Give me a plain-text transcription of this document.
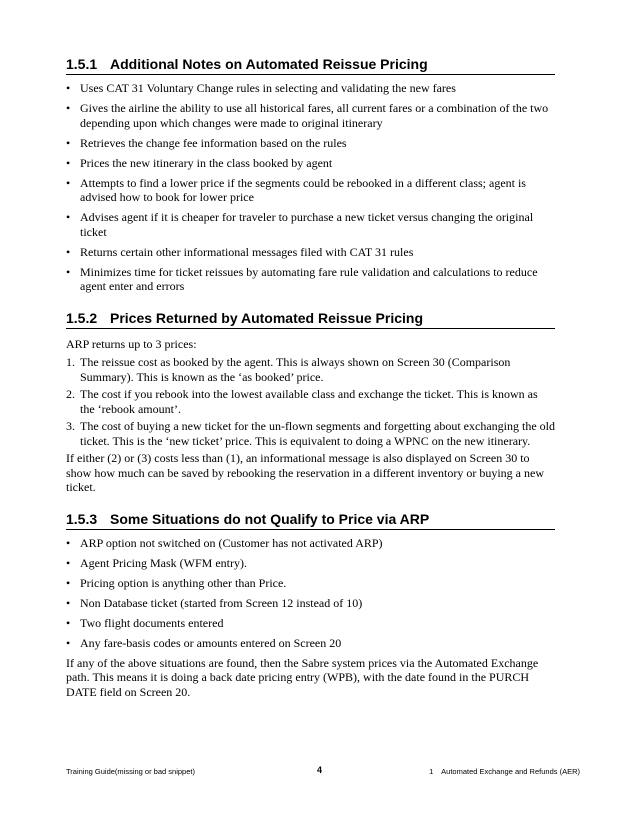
1.5.1 Additional Notes on Automated Reissue Pricing
• Uses CAT 31 Voluntary Change rules in selecting and validating the new fares
• Gives the airline the ability to use all historical fares, all current fares or a combination of the two depending upon which changes were made to original itinerary
• Retrieves the change fee information based on the rules
• Prices the new itinerary in the class booked by agent
• Attempts to find a lower price if the segments could be rebooked in a different class; agent is advised how to book for lower price
• Advises agent if it is cheaper for traveler to purchase a new ticket versus changing the original ticket
• Returns certain other informational messages filed with CAT 31 rules
• Minimizes time for ticket reissues by automating fare rule validation and calculations to reduce agent enter and errors
1.5.2 Prices Returned by Automated Reissue Pricing

ARP returns up to 3 prices:

1. The reissue cost as booked by the agent. This is always shown on Screen 30 (Comparison Summary). This is known as the ‘as booked’ price.
2. The cost if you rebook into the lowest available class and exchange the ticket. This is known as the ‘rebook amount’.
3. The cost of buying a new ticket for the un-flown segments and forgetting about exchanging the old ticket. This is the ‘new ticket’ price. This is equivalent to doing a WPNC on the new itinerary.

If either (2) or (3) costs less than (1), an informational message is also displayed on Screen 30 to show how much can be saved by rebooking the reservation in a different inventory or buying a new ticket.

1.5.3 Some Situations do not Qualify to Price via ARP
• ARP option not switched on (Customer has not activated ARP)
• Agent Pricing Mask (WFM entry).
• Pricing option is anything other than Price.
• Non Database ticket (started from Screen 12 instead of 10)
• Two flight documents entered
• Any fare-basis codes or amounts entered on Screen 20

If any of the above situations are found, then the Sabre system prices via the Automated Exchange path. This means it is doing a back date pricing entry (WPB), with the date found in the PURCH DATE field on Screen 20.

Training Guide(missing or bad snippet)	4	1    Automated Exchange and Refunds (AER)
